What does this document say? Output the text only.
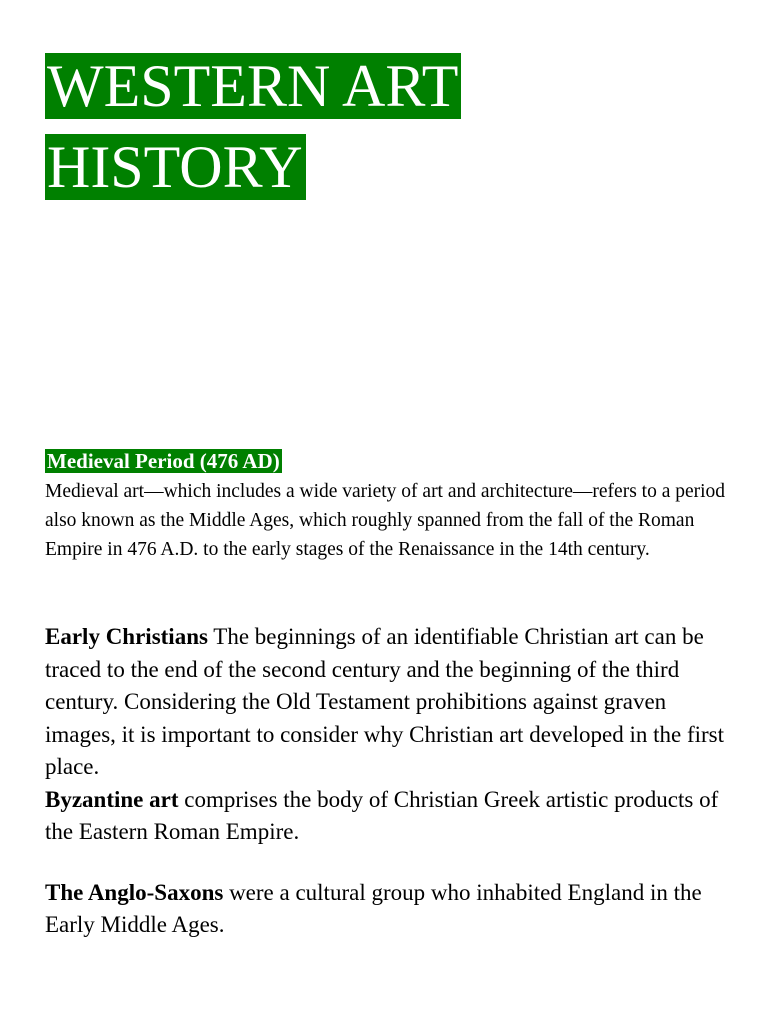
WESTERN ART
HISTORY

Medieval Period (476 AD)

Medieval art—which includes a wide variety of art and architecture—refers to a period also known as the Middle Ages, which roughly spanned from the fall of the Roman Empire in 476 A.D. to the early stages of the Renaissance in the 14th century.

Early Christians The beginnings of an identifiable Christian art can be traced to the end of the second century and the beginning of the third century. Considering the Old Testament prohibitions against graven images, it is important to consider why Christian art developed in the first place.

Byzantine art comprises the body of Christian Greek artistic products of the Eastern Roman Empire.

The Anglo-Saxons were a cultural group who inhabited England in the Early Middle Ages.
